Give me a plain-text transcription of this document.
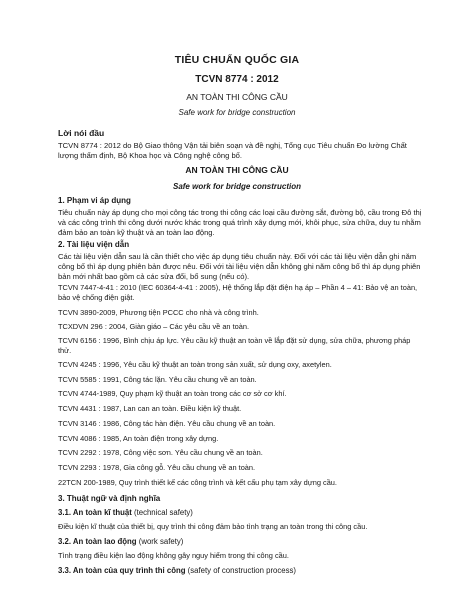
TIÊU CHUẨN QUỐC GIA
TCVN 8774 : 2012
AN TOÀN THI CÔNG CẦU
Safe work for bridge construction
Lời nói đầu
TCVN 8774 : 2012 do Bộ Giao thông Vận tải biên soạn và đề nghị, Tổng cục Tiêu chuẩn Đo lường Chất lượng thẩm định, Bộ Khoa học và Công nghệ công bố.
AN TOÀN THI CÔNG CẦU
Safe work for bridge construction
1. Phạm vi áp dụng
Tiêu chuẩn này áp dụng cho mọi công tác trong thi công các loại cầu đường sắt, đường bộ, cầu trong Đô thị và các công trình thi công dưới nước khác trong quá trình xây dựng mới, khôi phục, sửa chữa, duy tu nhằm đảm bảo an toàn kỹ thuật và an toàn lao động.
2. Tài liệu viện dẫn
Các tài liệu viện dẫn sau là cần thiết cho việc áp dụng tiêu chuẩn này. Đối với các tài liệu viện dẫn ghi năm công bố thì áp dụng phiên bản được nêu. Đối với tài liệu viện dẫn không ghi năm công bố thì áp dụng phiên bản mới nhất bao gồm cả các sửa đổi, bổ sung (nếu có).
TCVN 7447-4-41 : 2010 (IEC 60364-4-41 : 2005), Hệ thống lắp đặt điện hạ áp – Phần 4 – 41: Bảo vệ an toàn, bảo vệ chống điện giật.
TCVN 3890-2009, Phương tiện PCCC cho nhà và công trình.
TCXDVN 296 : 2004, Giàn giáo – Các yêu cầu về an toàn.
TCVN 6156 : 1996, Bình chịu áp lực. Yêu cầu kỹ thuật an toàn về lắp đặt sử dụng, sửa chữa, phương pháp thử.
TCVN 4245 : 1996, Yêu cầu kỹ thuật an toàn trong sản xuất, sử dụng oxy, axetylen.
TCVN 5585 : 1991, Công tác lặn. Yêu cầu chung về an toàn.
TCVN 4744-1989, Quy phạm kỹ thuật an toàn trong các cơ sở cơ khí.
TCVN 4431 : 1987, Lan can an toàn. Điều kiện kỹ thuật.
TCVN 3146 : 1986, Công tác hàn điện. Yêu cầu chung về an toàn.
TCVN 4086 : 1985, An toàn điện trong xây dựng.
TCVN 2292 : 1978, Công việc sơn. Yêu cầu chung về an toàn.
TCVN 2293 : 1978, Gia công gỗ. Yêu cầu chung về an toàn.
22TCN 200-1989, Quy trình thiết kế các công trình và kết cấu phụ tạm xây dựng cầu.
3. Thuật ngữ và định nghĩa
3.1. An toàn kĩ thuật (technical safety)
Điều kiện kĩ thuật của thiết bị, quy trình thi công đảm bảo tình trạng an toàn trong thi công cầu.
3.2. An toàn lao động (work safety)
Tình trạng điều kiện lao động không gây nguy hiểm trong thi công cầu.
3.3. An toàn của quy trình thi công (safety of construction process)
